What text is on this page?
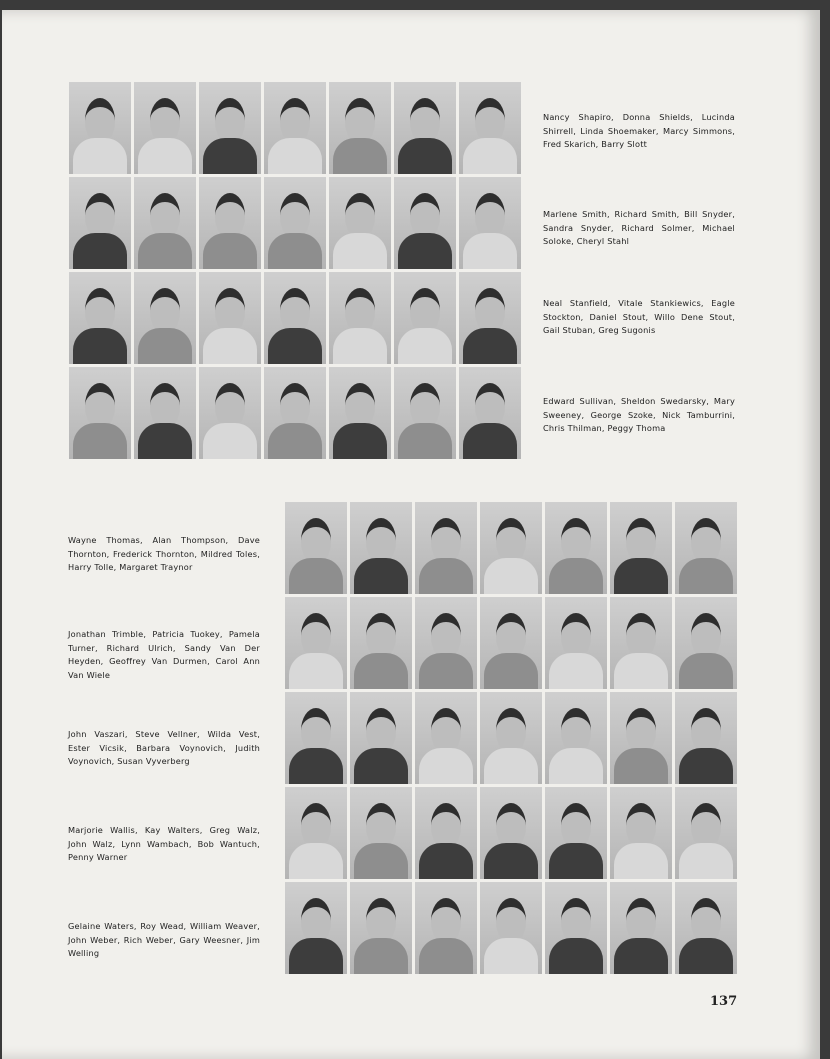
Nancy Shapiro, Donna Shields, Lucinda Shirrell, Linda Shoemaker, Marcy Simmons, Fred Skarich, Barry Slott

Marlene Smith, Richard Smith, Bill Snyder, Sandra Snyder, Richard Solmer, Michael Soloke, Cheryl Stahl

Neal Stanfield, Vitale Stankiewics, Eagle Stockton, Daniel Stout, Willo Dene Stout, Gail Stuban, Greg Sugonis

Edward Sullivan, Sheldon Swedarsky, Mary Sweeney, George Szoke, Nick Tamburrini, Chris Thilman, Peggy Thoma

Wayne Thomas, Alan Thompson, Dave Thornton, Frederick Thornton, Mildred Toles, Harry Tolle, Margaret Traynor

Jonathan Trimble, Patricia Tuokey, Pamela Turner, Richard Ulrich, Sandy Van Der Heyden, Geoffrey Van Durmen, Carol Ann Van Wiele

John Vaszari, Steve Vellner, Wilda Vest, Ester Vicsik, Barbara Voynovich, Judith Voynovich, Susan Vyverberg

Marjorie Wallis, Kay Walters, Greg Walz, John Walz, Lynn Wambach, Bob Wantuch, Penny Warner

Gelaine Waters, Roy Wead, William Weaver, John Weber, Rich Weber, Gary Weesner, Jim Welling

137
